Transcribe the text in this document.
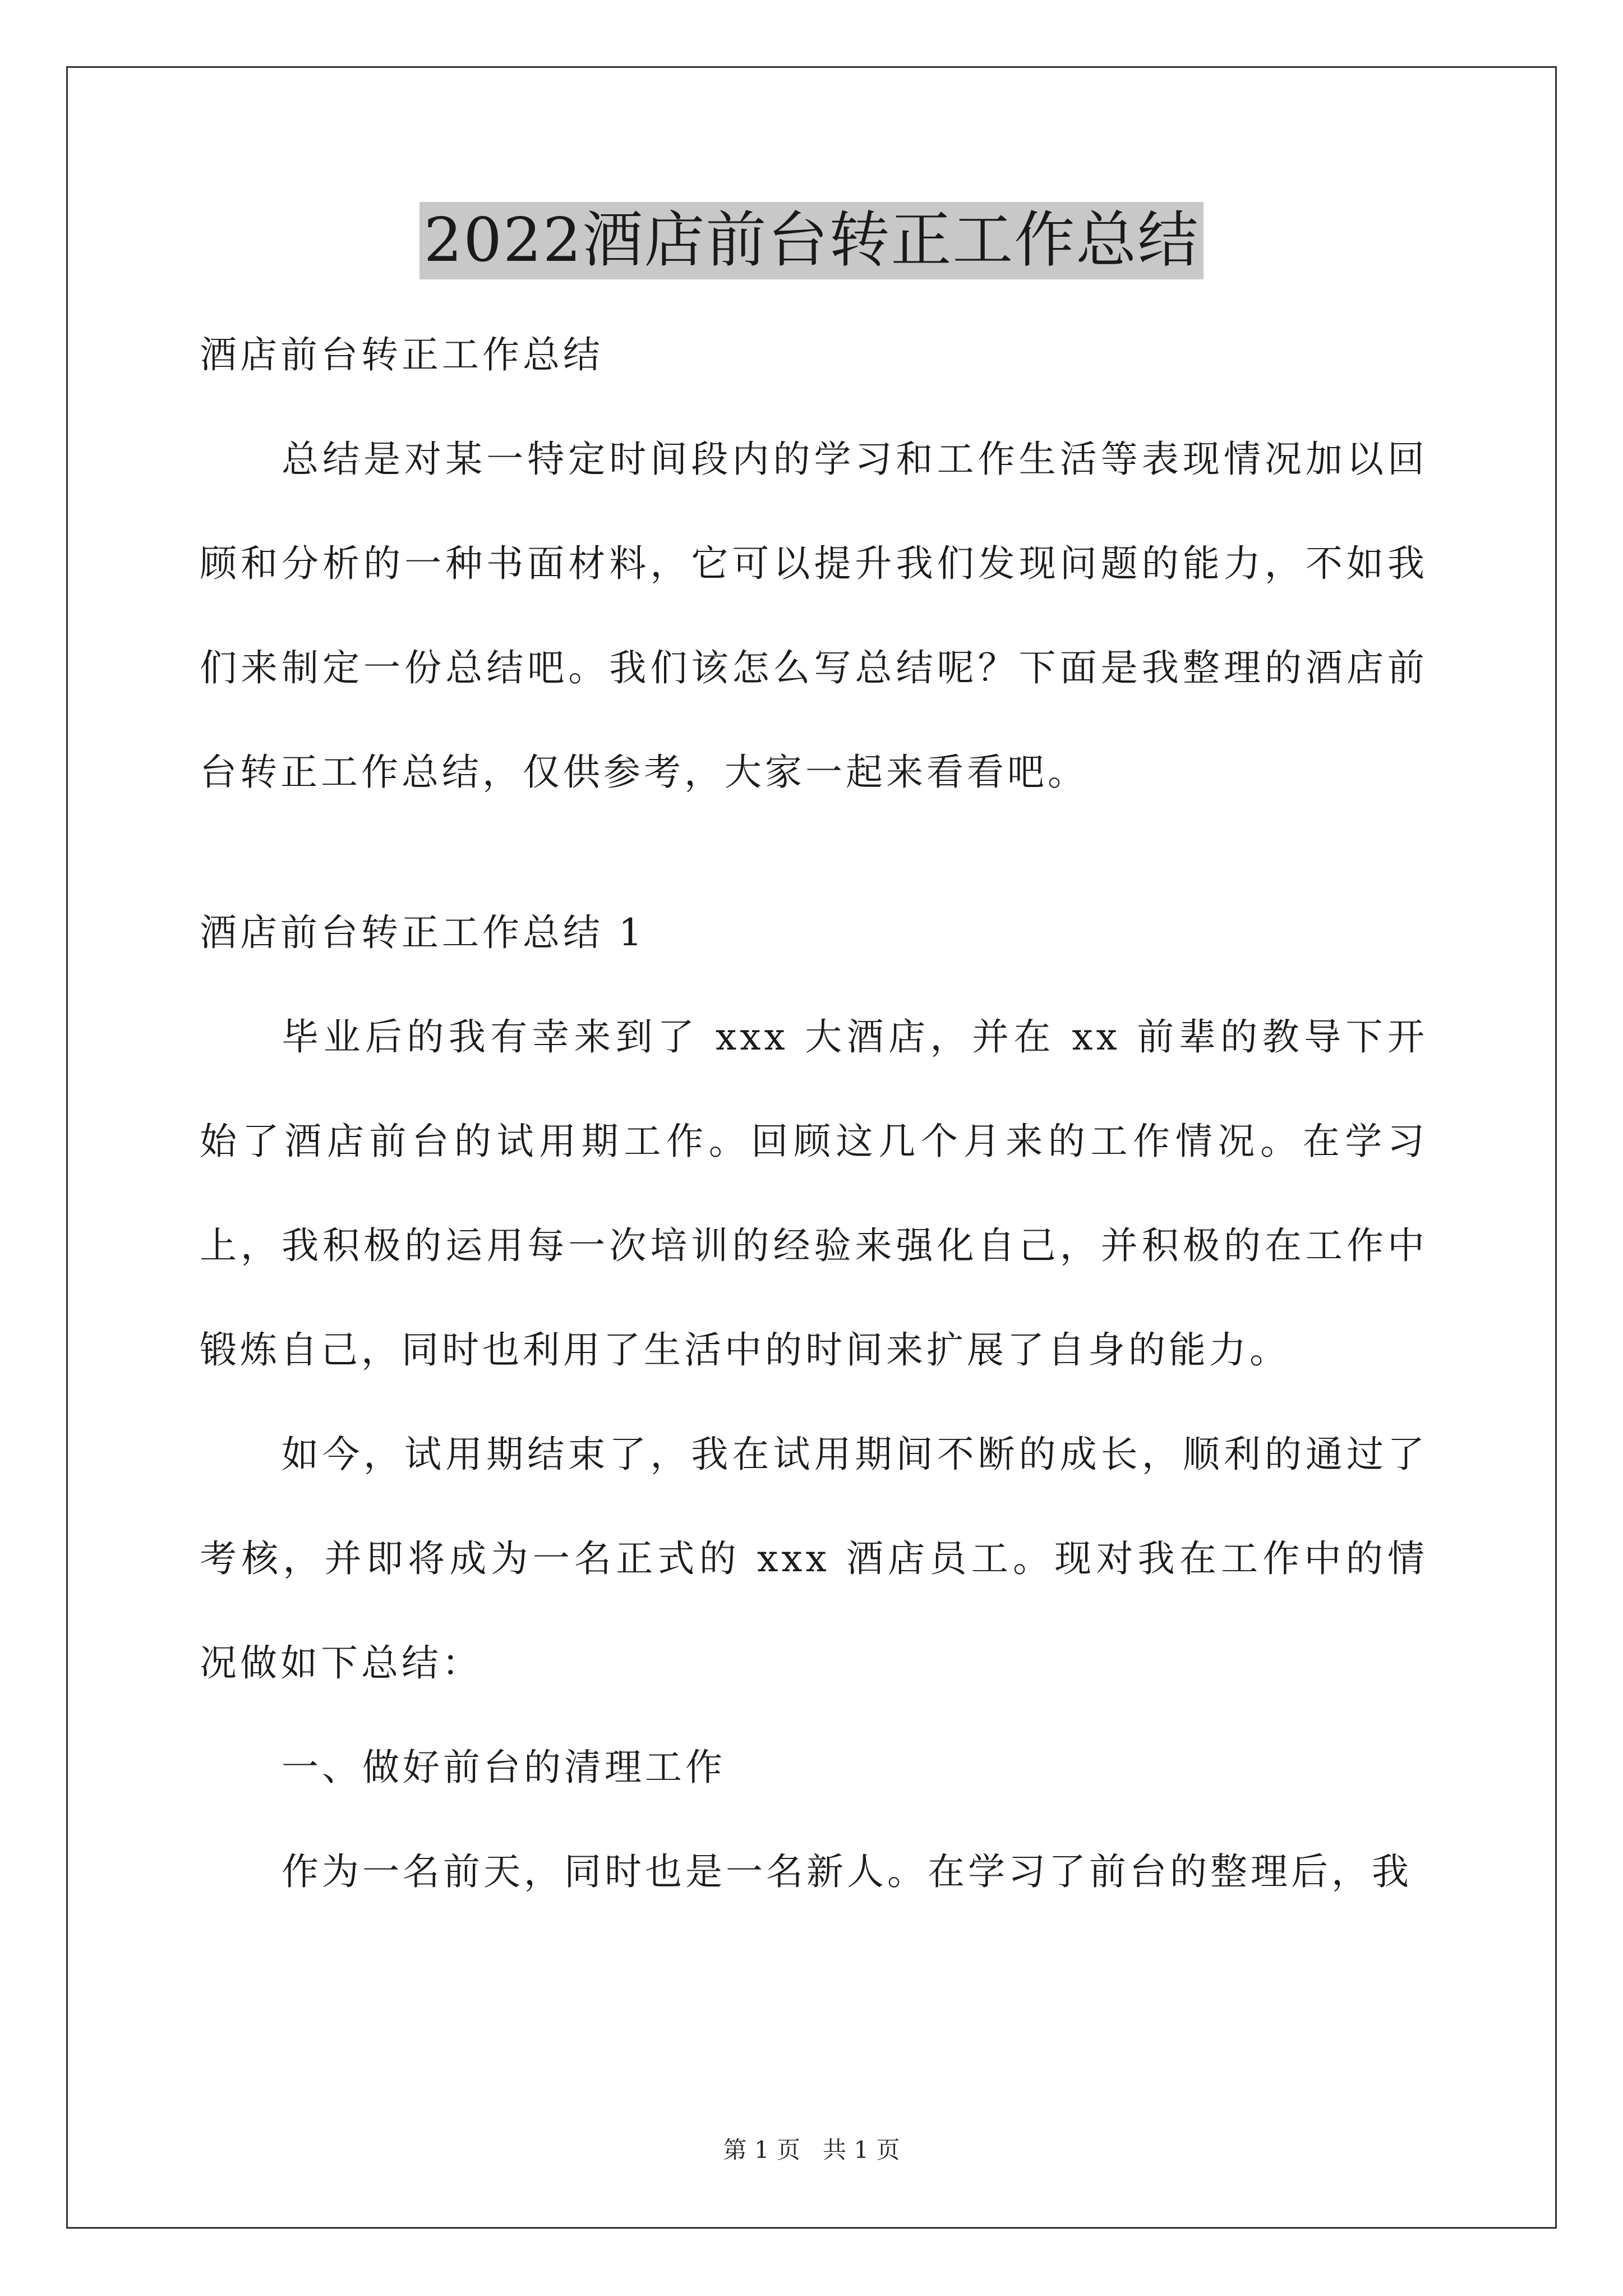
2022酒店前台转正工作总结

酒店前台转正工作总结

总结是对某一特定时间段内的学习和工作生活等表现情况加以回顾和分析的一种书面材料，它可以提升我们发现问题的能力，不如我们来制定一份总结吧。我们该怎么写总结呢？下面是我整理的酒店前台转正工作总结，仅供参考，大家一起来看看吧。

酒店前台转正工作总结 1

毕业后的我有幸来到了 xxx 大酒店，并在 xx 前辈的教导下开始了酒店前台的试用期工作。回顾这几个月来的工作情况。在学习上，我积极的运用每一次培训的经验来强化自己，并积极的在工作中锻炼自己，同时也利用了生活中的时间来扩展了自身的能力。

如今，试用期结束了，我在试用期间不断的成长，顺利的通过了考核，并即将成为一名正式的 xxx 酒店员工。现对我在工作中的情况做如下总结：

一、做好前台的清理工作

作为一名前天，同时也是一名新人。在学习了前台的整理后，我

第 1 页   共 1 页
